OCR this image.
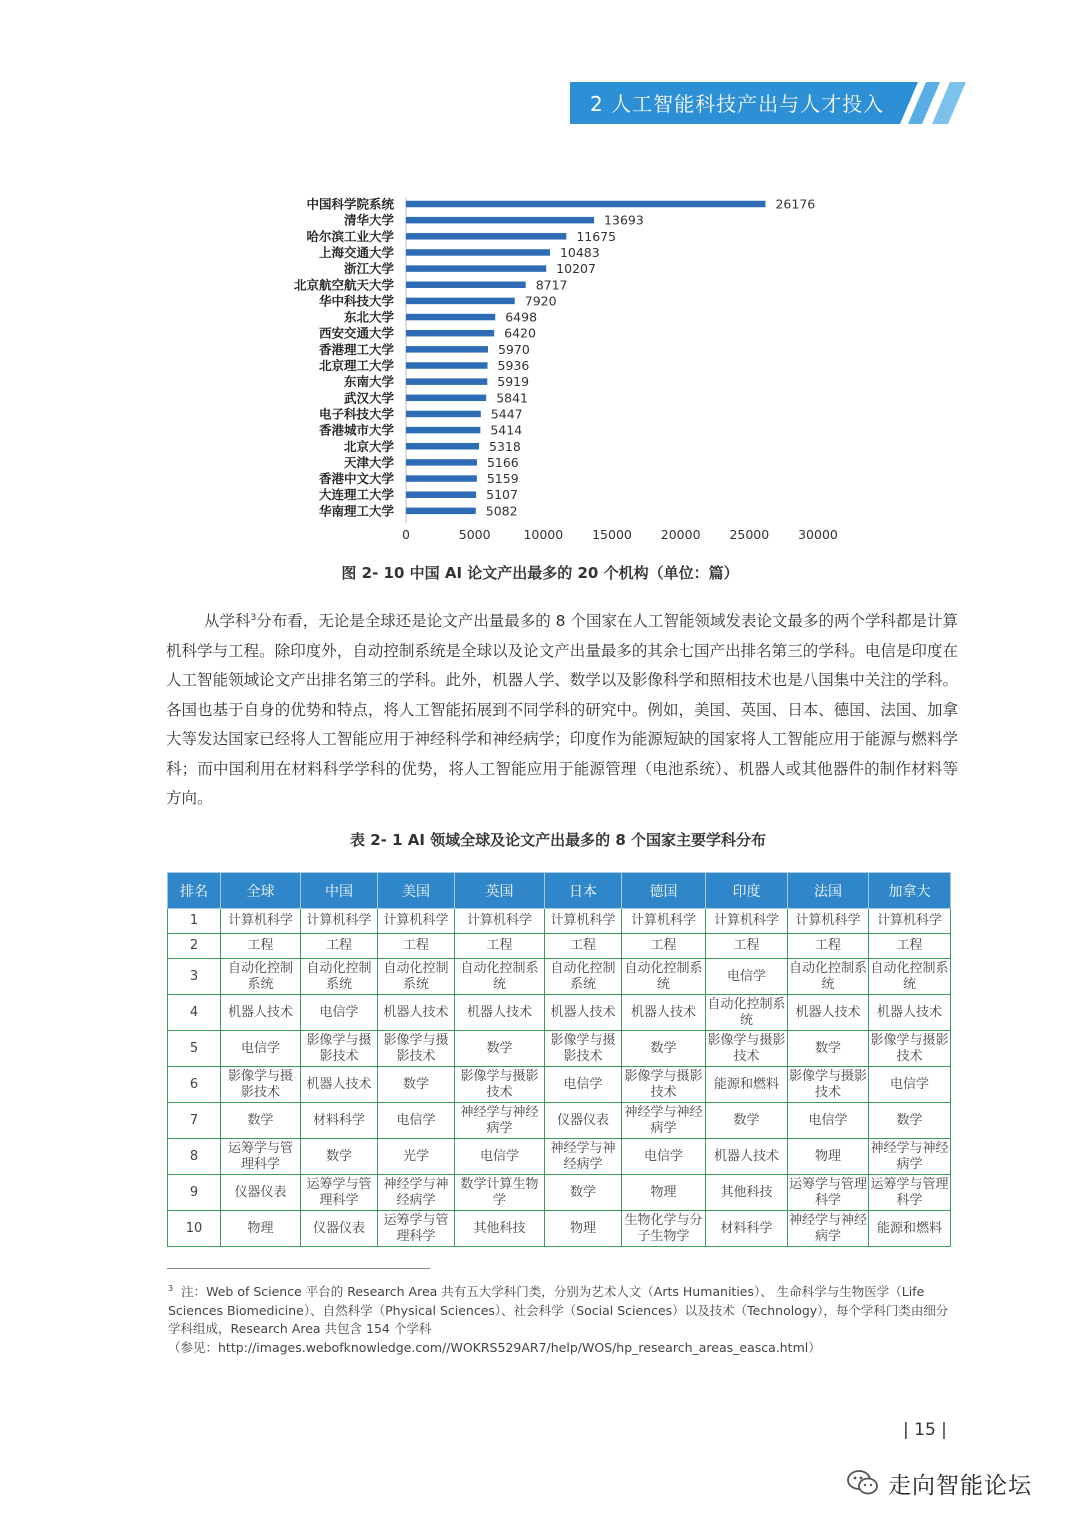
2 人工智能科技产出与人才投入
中国科学院系统	26176
清华大学	13693
哈尔滨工业大学	11675
上海交通大学	10483
浙江大学	10207
北京航空航天大学	8717
华中科技大学	7920
东北大学	6498
西安交通大学	6420
香港理工大学	5970
北京理工大学	5936
东南大学	5919
武汉大学	5841
电子科技大学	5447
香港城市大学	5414
北京大学	5318
天津大学	5166
香港中文大学	5159
大连理工大学	5107
华南理工大学	5082
0	5000	10000 15000 20000 25000 30000
图 2- 10 中国 AI 论文产出最多的 20 个机构（单位：篇）

从学科$^3$分布看，无论是全球还是论文产出量最多的 8 个国家在人工智能领域发表论文最多的两个学科都是计算机科学与工程。除印度外，自动控制系统是全球以及论文产出量最多的其余七国产出排名第三的学科。电信是印度在人工智能领域论文产出排名第三的学科。此外，机器人学、数学以及影像科学和照相技术也是八国集中关注的学科。各国也基于自身的优势和特点，将人工智能拓展到不同学科的研究中。例如，美国、英国、日本、德国、法国、加拿大等发达国家已经将人工智能应用于神经科学和神经病学；印度作为能源短缺的国家将人工智能应用于能源与燃料学科；而中国利用在材料科学学科的优势，将人工智能应用于能源管理（电池系统）、机器人或其他器件的制作材料等方向。

表 2- 1 AI 领域全球及论文产出最多的 8 个国家主要学科分布
排名	全球	中国	美国	英国	日本	德国	印度	法国	加拿大
1	计算机科学	计算机科学	计算机科学	计算机科学	计算机科学	计算机科学	计算机科学	计算机科学	计算机科学
2	工程	工程	工程	工程	工程	工程	工程	工程	工程
3	自动化控制系统	自动化控制系统	自动化控制系统	自动化控制系统	自动化控制系统	自动化控制系统	电信学	自动化控制系统	自动化控制系统
4	机器人技术	电信学	机器人技术	机器人技术	机器人技术	机器人技术	自动化控制系统	机器人技术	机器人技术
5	电信学	影像学与摄影技术	影像学与摄影技术	数学	影像学与摄影技术	数学	影像学与摄影技术	数学	影像学与摄影技术
6	影像学与摄影技术	机器人技术	数学	影像学与摄影技术	电信学	影像学与摄影技术	能源和燃料	影像学与摄影技术	电信学
7	数学	材料科学	电信学	神经学与神经病学	仪器仪表	神经学与神经病学	数学	电信学	数学
8	运筹学与管理科学	数学	光学	电信学	神经学与神经病学	电信学	机器人技术	物理	神经学与神经病学
9	仪器仪表	运筹学与管理科学	神经学与神经病学	数学计算生物学	数学	物理	其他科技	运筹学与管理科学	运筹学与管理科学
10	物理	仪器仪表	运筹学与管理科学	其他科技	物理	生物化学与分子生物学	材料科学	神经学与神经病学	能源和燃料

$^3$ 注：Web of Science 平台的 Research Area 共有五大学科门类，分别为艺术人文（Arts Humanities）、 生命科学与生物医学（Life Sciences Biomedicine）、自然科学（Physical Sciences）、社会科学（Social Sciences）以及技术（Technology），每个学科门类由细分学科组成，Research Area 共包含 154 个学科
（参见：http://images.webofknowledge.com//WOKRS529AR7/help/WOS/hp_research_areas_easca.html）

| 15 |
走向智能论坛
